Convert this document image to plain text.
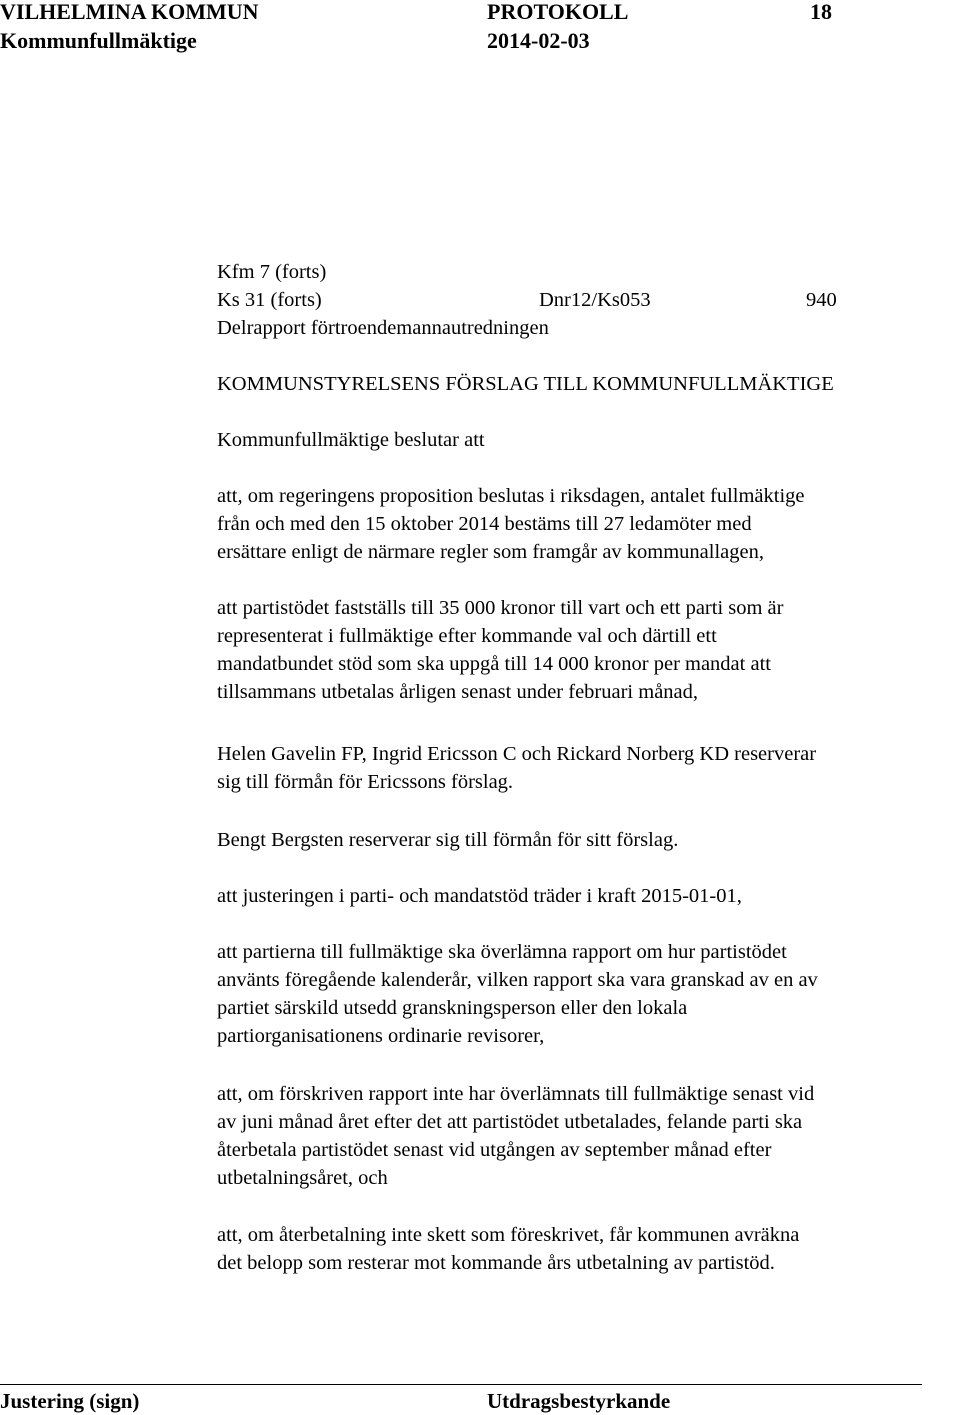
VILHELMINA KOMMUN	PROTOKOLL	18
Kommunfullmäktige	2014-02-03
Kfm 7 (forts)
Ks 31 (forts)	Dnr12/Ks053	940
Delrapport förtroendemannautredningen
KOMMUNSTYRELSENS FÖRSLAG TILL KOMMUNFULLMÄKTIGE
Kommunfullmäktige beslutar att
att, om regeringens proposition beslutas i riksdagen, antalet fullmäktige
från och med den 15 oktober 2014 bestäms till 27 ledamöter med
ersättare enligt de närmare regler som framgår av kommunallagen,
att partistödet fastställs till 35 000 kronor till vart och ett parti som är
representerat i fullmäktige efter kommande val och därtill ett
mandatbundet stöd som ska uppgå till 14 000 kronor per mandat att
tillsammans utbetalas årligen senast under februari månad,
Helen Gavelin FP, Ingrid Ericsson C och Rickard Norberg KD reserverar
sig till förmån för Ericssons förslag.
Bengt Bergsten reserverar sig till förmån för sitt förslag.
att justeringen i parti- och mandatstöd träder i kraft 2015-01-01,
att partierna till fullmäktige ska överlämna rapport om hur partistödet
använts föregående kalenderår, vilken rapport ska vara granskad av en av
partiet särskild utsedd granskningsperson eller den lokala
partiorganisationens ordinarie revisorer,
att, om förskriven rapport inte har överlämnats till fullmäktige senast vid
av juni månad året efter det att partistödet utbetalades, felande parti ska
återbetala partistödet senast vid utgången av september månad efter
utbetalningsåret, och
att, om återbetalning inte skett som föreskrivet, får kommunen avräkna
det belopp som resterar mot kommande års utbetalning av partistöd.
Justering (sign)	Utdragsbestyrkande
